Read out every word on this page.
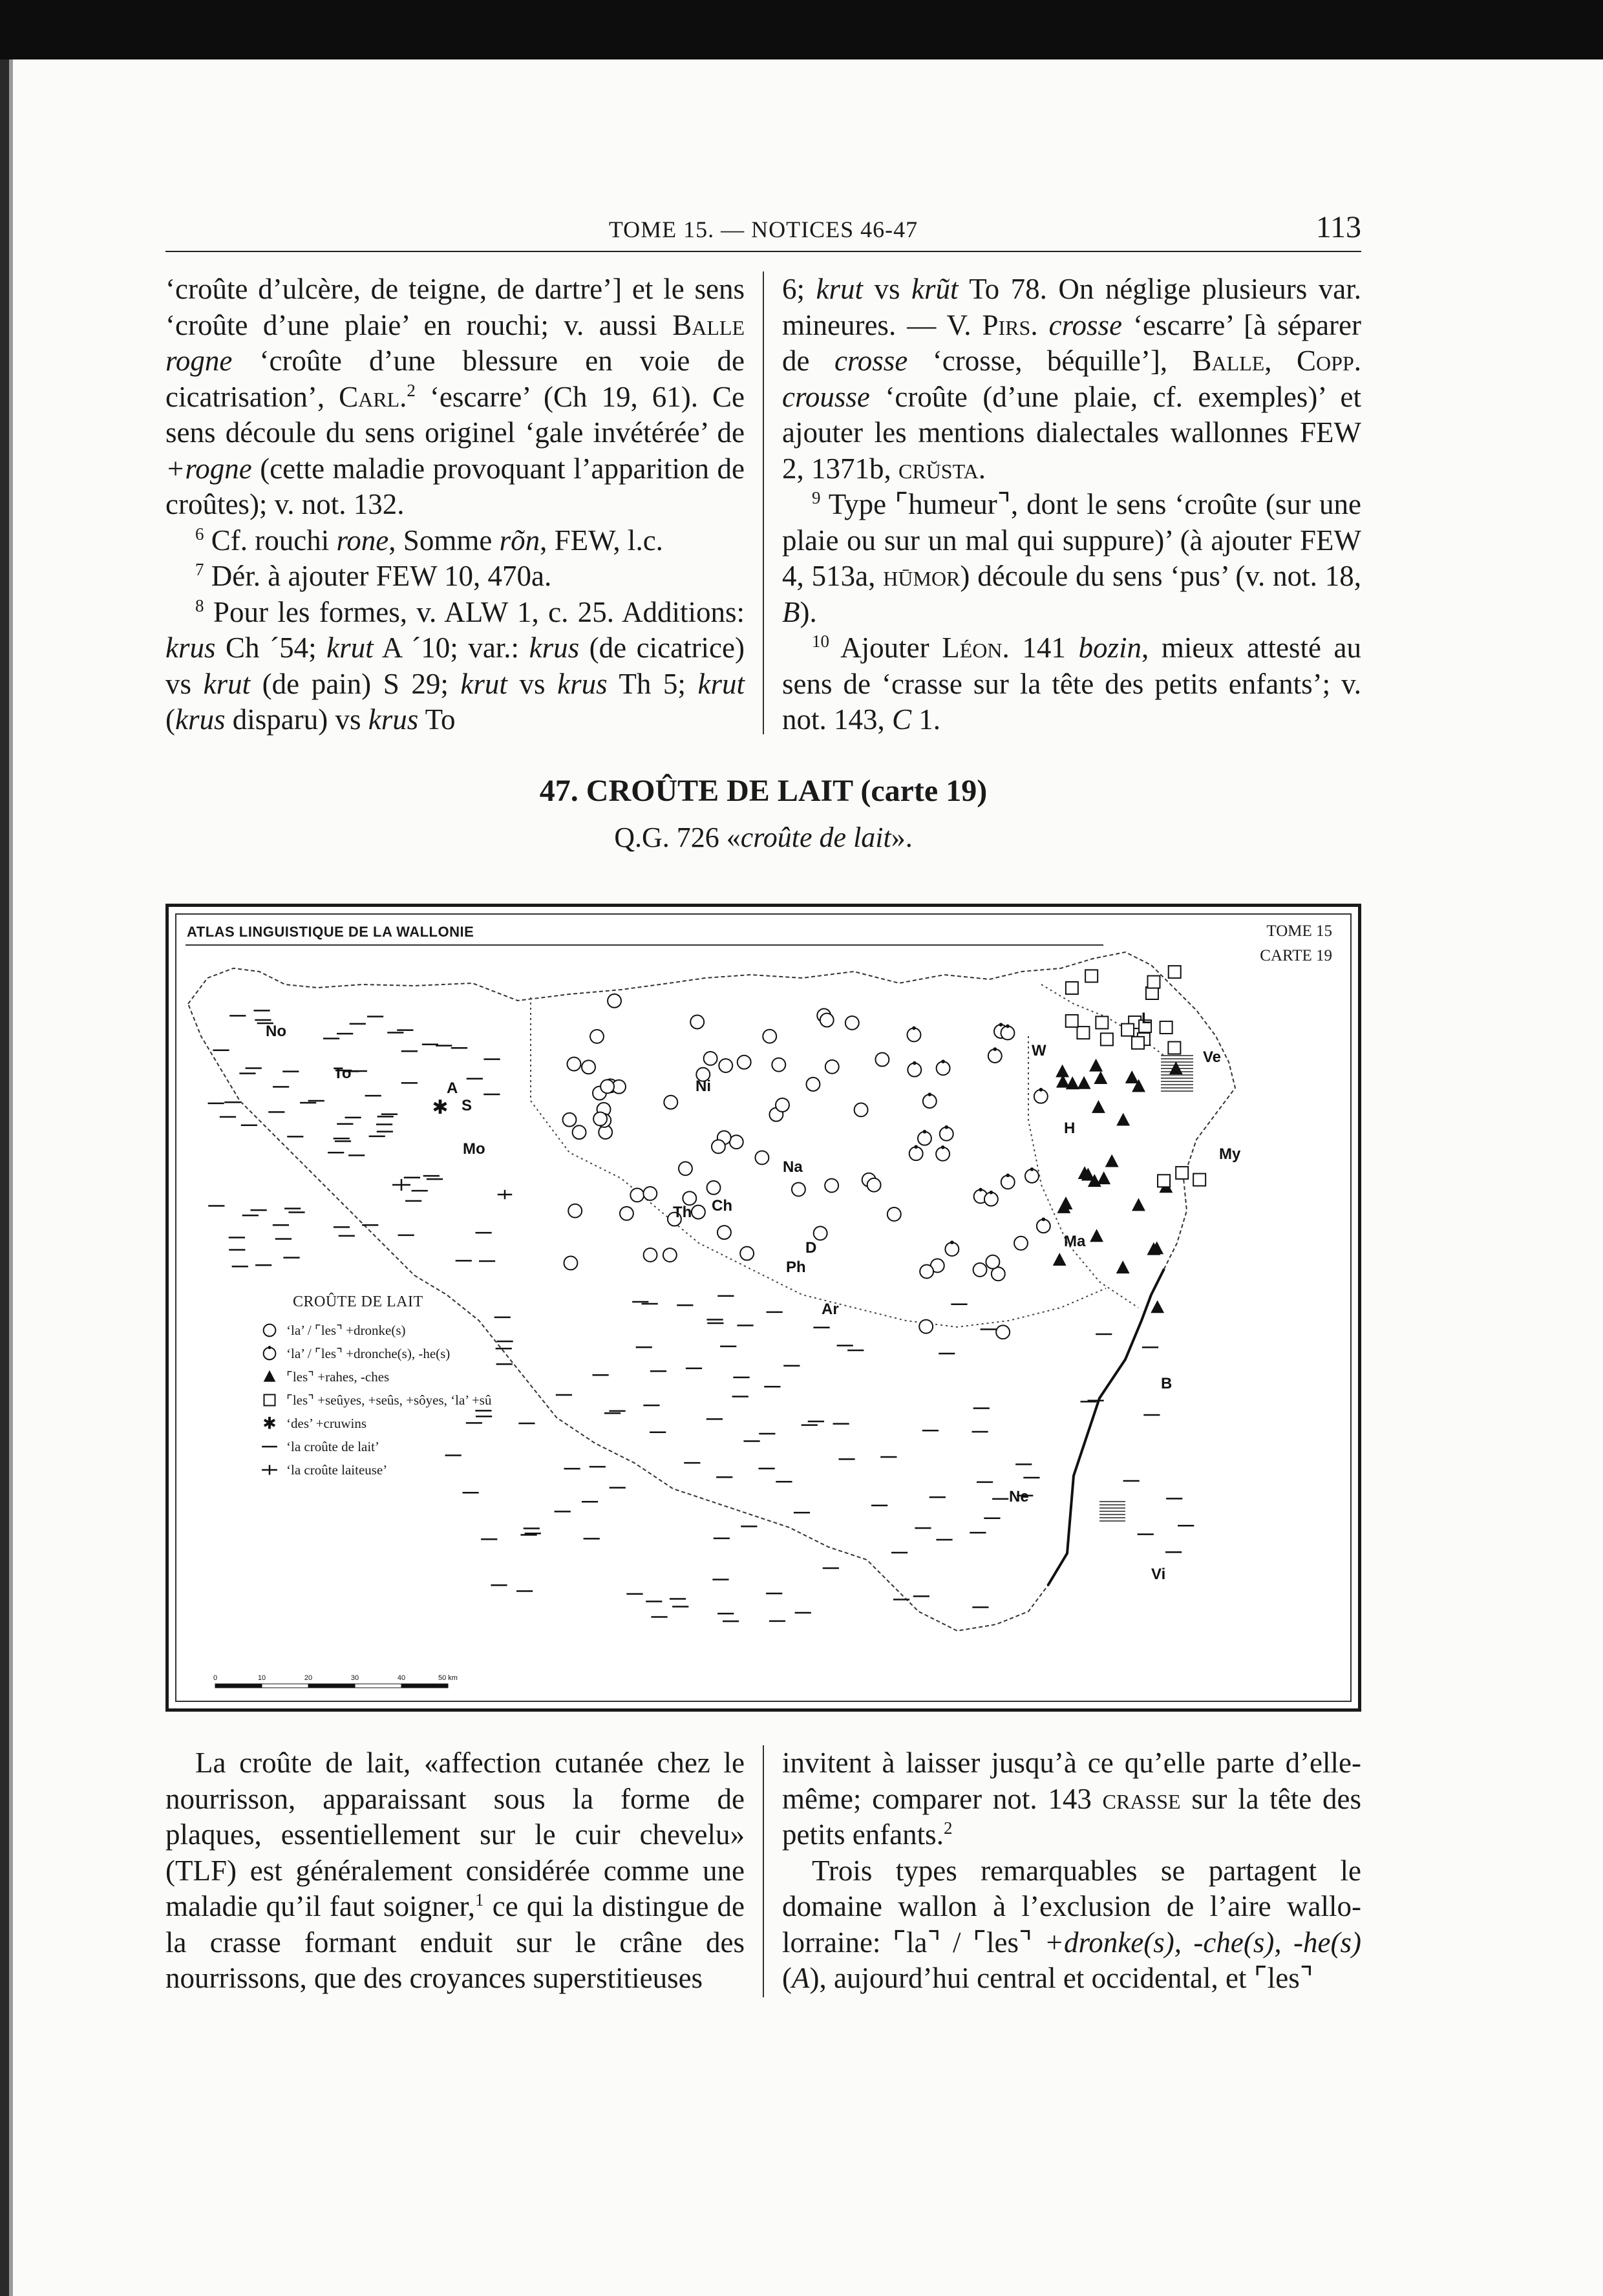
TOME 15. — NOTICES 46-47	113

‘croûte d’ulcère, de teigne, de dartre’] et le sens ‘croûte d’une plaie’ en rouchi; v. aussi Balle rogne ‘croûte d’une blessure en voie de cicatrisation’, Carl.$^2$ ‘escarre’ (Ch 19, 61). Ce sens découle du sens originel ‘gale invétérée’ de +rogne (cette maladie provoquant l’apparition de croûtes); v. not. 132.

$^6$ Cf. rouchi rone, Somme rõn, FEW, l.c.

$^7$ Dér. à ajouter FEW 10, 470a.

$^8$ Pour les formes, v. ALW 1, c. 25. Additions: krus Ch ´54; krut A ´10; var.: krus (de cicatrice) vs krut (de pain) S 29; krut vs krus Th 5; krut (krus disparu) vs krus To

6; krut vs krũt To 78. On néglige plusieurs var. mineures. — V. Pirs. crosse ‘escarre’ [à séparer de crosse ‘crosse, béquille’], Balle, Copp. crousse ‘croûte (d’une plaie, cf. exemples)’ et ajouter les mentions dialectales wallonnes FEW 2, 1371b, crŭsta.

$^9$ Type ⌜humeur⌝, dont le sens ‘croûte (sur une plaie ou sur un mal qui suppure)’ (à ajouter FEW 4, 513a, hūmor) découle du sens ‘pus’ (v. not. 18, B).

$^{10}$ Ajouter Léon. 141 bozin, mieux attesté au sens de ‘crasse sur la tête des petits enfants’; v. not. 143, C 1.

47. CROÛTE DE LAIT (carte 19)
Q.G. 726 «croûte de lait».
ATLAS LINGUISTIQUE DE LA WALLONIE	TOME 15
CARTE 19
✱
No
To
A
S
Mo
Ni
Ch
Th
Na
D
Ph
Ar
W
H
L
Ve
My
Ma
B
Ne
Vi
CROÛTE DE LAIT
‘la’ / ⌜les⌝ +dronke(s)
‘la’ / ⌜les⌝ +dronche(s), -he(s)
⌜les⌝ +rahes, -ches
⌜les⌝ +seûyes, +seûs, +sôyes, ‘la’ +sû
✱ ‘des’ +cruwins
‘la croûte de lait’
‘la croûte laiteuse’
0	10	20	30	40	50 km

La croûte de lait, «affection cutanée chez le nourrisson, apparaissant sous la forme de plaques, essentiellement sur le cuir chevelu» (TLF) est généralement considérée comme une maladie qu’il faut soigner,$^1$ ce qui la distingue de la crasse formant enduit sur le crâne des nourrissons, que des croyances superstitieuses

invitent à laisser jusqu’à ce qu’elle parte d’elle-même; comparer not. 143 crasse sur la tête des petits enfants.$^2$

Trois types remarquables se partagent le domaine wallon à l’exclusion de l’aire wallo-lorraine: ⌜la⌝ / ⌜les⌝ +dronke(s), -che(s), -he(s) (A), aujourd’hui central et occidental, et ⌜les⌝
